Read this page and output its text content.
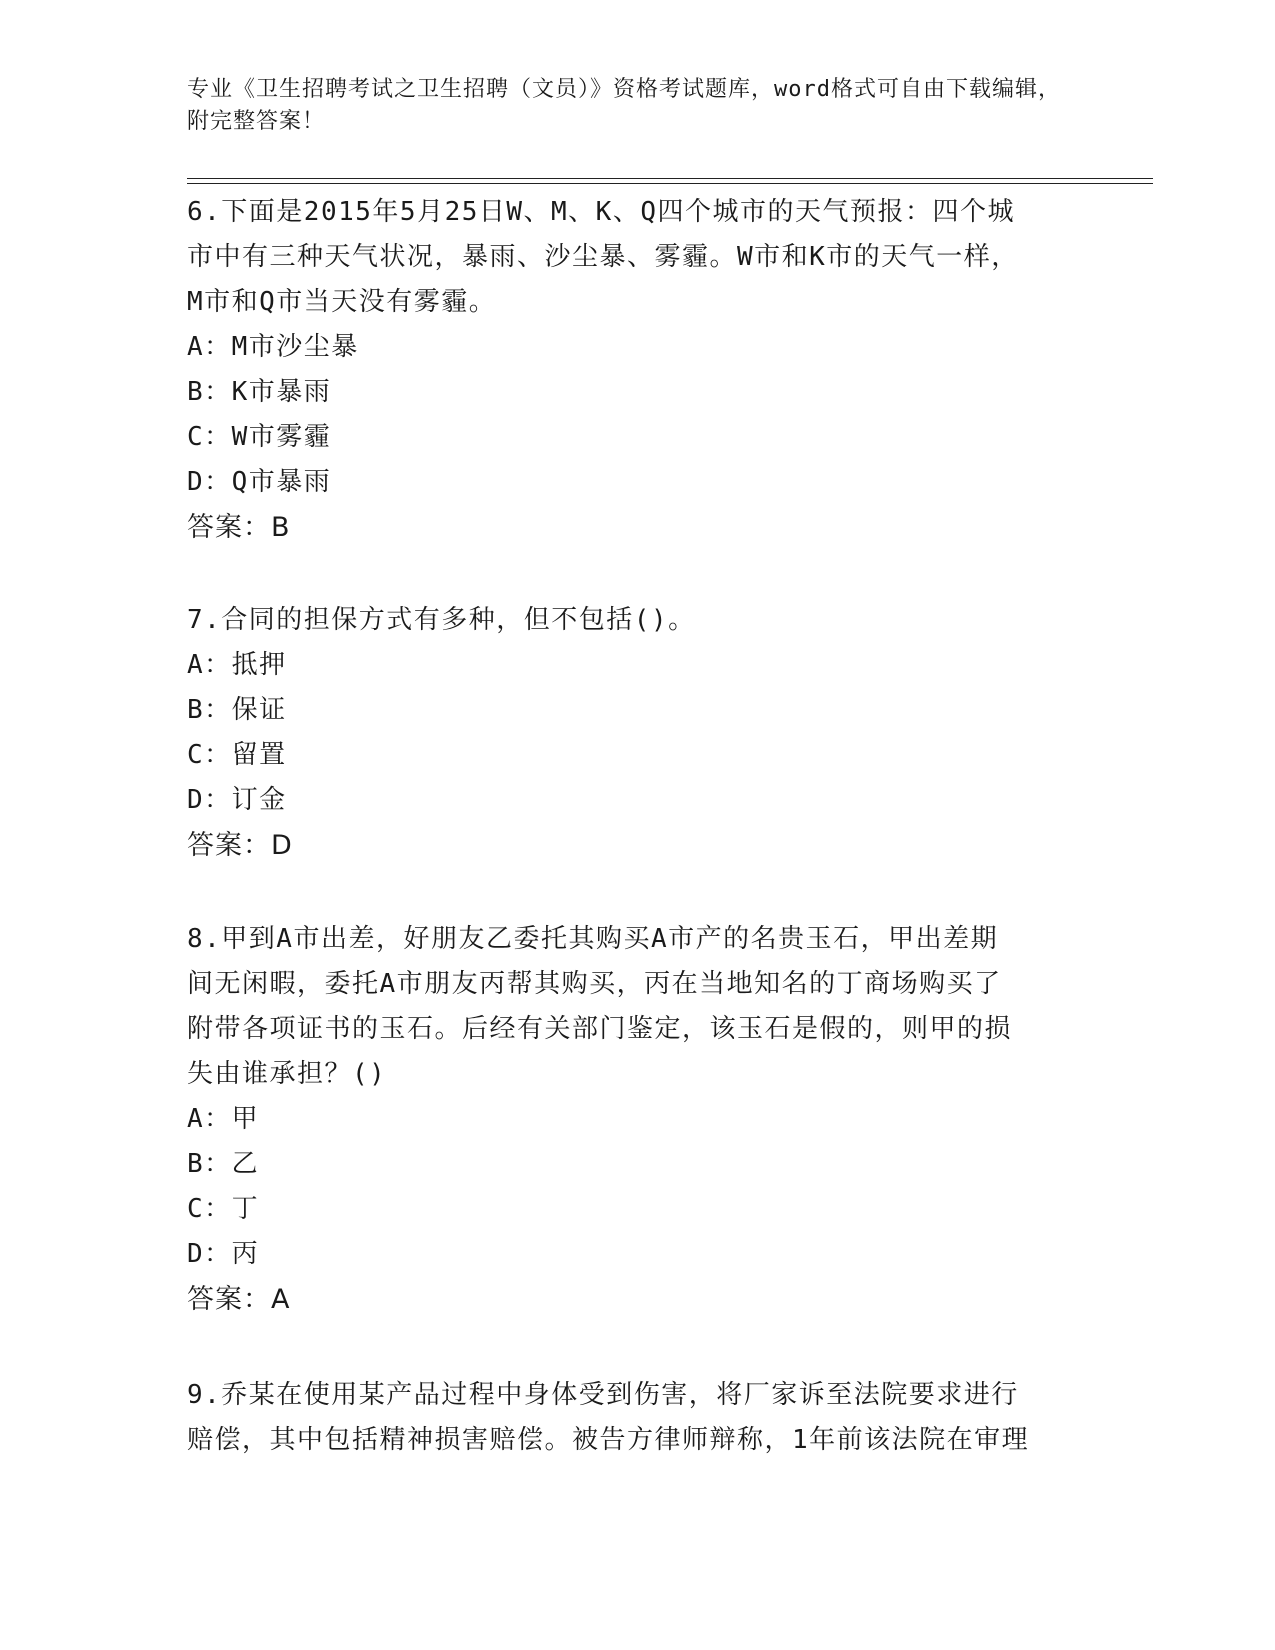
专业《卫生招聘考试之卫生招聘（文员）》资格考试题库，word格式可自由下载编辑，附完整答案！
6.下面是2015年5月25日W、M、K、Q四个城市的天气预报：四个城
市中有三种天气状况，暴雨、沙尘暴、雾霾。W市和K市的天气一样，
M市和Q市当天没有雾霾。
A：M市沙尘暴
B：K市暴雨
C：W市雾霾
D：Q市暴雨
答案：B
7.合同的担保方式有多种，但不包括()。
A：抵押
B：保证
C：留置
D：订金
答案：D
8.甲到A市出差，好朋友乙委托其购买A市产的名贵玉石，甲出差期
间无闲暇，委托A市朋友丙帮其购买，丙在当地知名的丁商场购买了
附带各项证书的玉石。后经有关部门鉴定，该玉石是假的，则甲的损
失由谁承担？()
A：甲
B：乙
C：丁
D：丙
答案：A
9.乔某在使用某产品过程中身体受到伤害，将厂家诉至法院要求进行
赔偿，其中包括精神损害赔偿。被告方律师辩称，1年前该法院在审理
